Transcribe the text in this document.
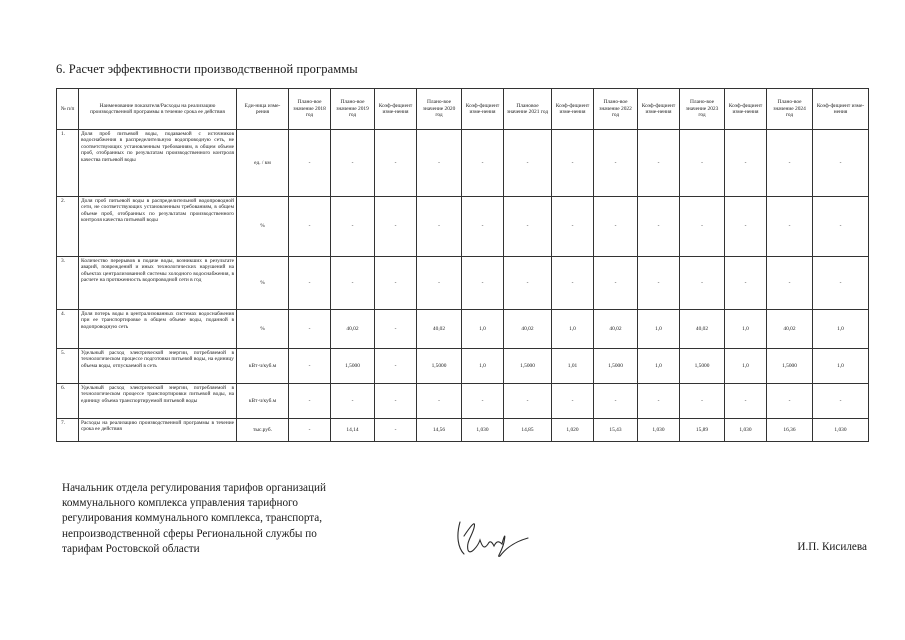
6. Расчет эффективности производственной программы
№ п/п	Наименование показателя/Расходы на реализацию производственной программы в течение срока ее действия	Еди-ница изме-рения	Плано-вое значение 2018 год	Плано-вое значение 2019 год	Коэф-фициент изме-нения	Плано-вое значение 2020 год	Коэф-фициент изме-нения	Плановое значение 2021 год	Коэф-фициент изме-нения	Плано-вое значение 2022 год	Коэф-фициент изме-нения	Плано-вое значение 2023 год	Коэф-фициент изме-нения	Плано-вое значение 2024 год	Коэф-фициент изме-нения
1.	Доля проб питьевой воды, подаваемой с источников водоснабжения в распределительную водопроводную сеть, не соответствующих установленным требованиям, в общем объеме проб, отобранных по результатам производственного контроля качества питьевой воды	ед. / км	-	-	-	-	-	-	-	-	-	-	-	-	-
2.	Доля проб питьевой воды в распределительной водопроводной сети, не соответствующих установленным требованиям, в общем объеме проб, отобранных по результатам производственного контроля качества питьевой воды	%	-	-	-	-	-	-	-	-	-	-	-	-	-
3.	Количество перерывов в подаче воды, возникших в результате аварий, повреждений и иных технологических нарушений на объектах централизованной системы холодного водоснабжения, в расчете на протяженность водопроводной сети в год	%	-	-	-	-	-	-	-	-	-	-	-	-	-
4.	Доля потерь воды в централизованных системах водоснабжения при ее транспортировке в общем объеме воды, поданной в водопроводную сеть	%	-	40,02	-	40,02	1,0	40,02	1,0	40,02	1,0	40,02	1,0	40,02	1,0
5.	Удельный расход электрической энергии, потребляемой в технологическом процессе подготовки питьевой воды, на единицу объема воды, отпускаемой в сеть	кВт·ч/куб.м	-	1,5000	-	1,5000	1,0	1,5000	1,01	1,5000	1,0	1,5000	1,0	1,5000	1,0
6.	Удельный расход электрической энергии, потребляемой в технологическом процессе транспортировки питьевой воды, на единицу объема транспортируемой питьевой воды	кВт·ч/куб.м	-	-	-	-	-	-	-	-	-	-	-	-	-
7.	Расходы на реализацию производственной программы в течение срока ее действия	тыс.руб.	-	14,14	-	14,56	1,030	14,85	1,020	15,43	1,030	15,89	1,030	16,36	1,030
Начальник отдела регулирования тарифов организаций
коммунального комплекса управления тарифного
регулирования коммунального комплекса, транспорта,
непроизводственной сферы Региональной службы по
тарифам Ростовской области	И.П. Кисилева
